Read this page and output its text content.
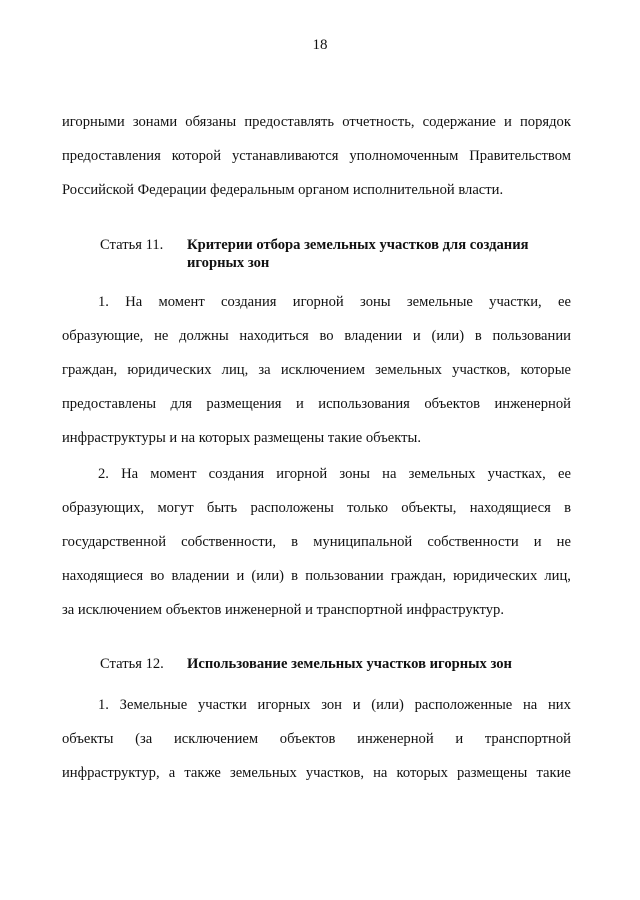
18
игорными зонами обязаны предоставлять отчетность, содержание и порядок
предоставления которой устанавливаются уполномоченным Правительством
Российской Федерации федеральным органом исполнительной власти.
Статья 11. Критерии отбора земельных участков для создания
игорных зон
1. На момент создания игорной зоны земельные участки, ее
образующие, не должны находиться во владении и (или) в пользовании
граждан, юридических лиц, за исключением земельных участков, которые
предоставлены для размещения и использования объектов инженерной
инфраструктуры и на которых размещены такие объекты.
2. На момент создания игорной зоны на земельных участках, ее
образующих, могут быть расположены только объекты, находящиеся в
государственной собственности, в муниципальной собственности и не
находящиеся во владении и (или) в пользовании граждан, юридических лиц,
за исключением объектов инженерной и транспортной инфраструктур.
Статья 12. Использование земельных участков игорных зон
1. Земельные участки игорных зон и (или) расположенные на них
объекты (за исключением объектов инженерной и транспортной
инфраструктур, а также земельных участков, на которых размещены такие
